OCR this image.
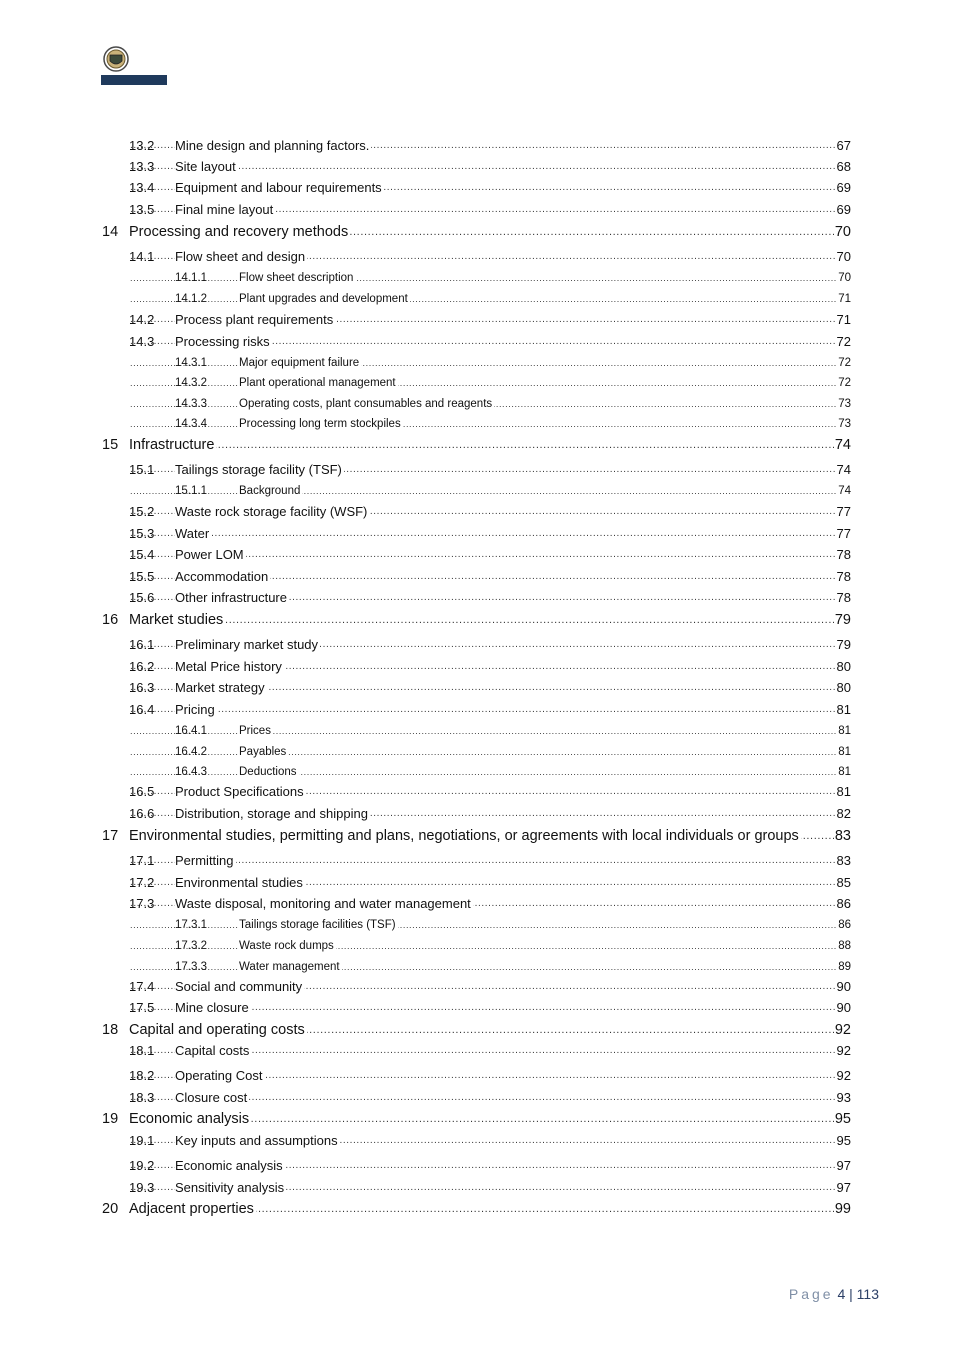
13.2 ..... Mine design and planning factors.	67
13.3 ..... Site layout	68
13.4 ..... Equipment and labour requirements	69
13.5 ..... Final mine layout	69
14 ..... Processing and recovery methods	70
14.1 ..... Flow sheet and design	70
14.1.1 .....	Flow sheet description	70
14.1.2 .....	Plant upgrades and development	71
14.2 ..... Process plant requirements	71
14.3 ..... Processing risks	72
14.3.1 .....	Major equipment failure	72
14.3.2 .....	Plant operational management	72
14.3.3 .....	Operating costs, plant consumables and reagents	73
14.3.4 .....	Processing long term stockpiles	73
15 ..... Infrastructure	74
15.1 ..... Tailings storage facility (TSF)	74
15.1.1 .....	Background	74
15.2 ..... Waste rock storage facility (WSF)	77
15.3 ..... Water	77
15.4 ..... Power LOM	78
15.5 ..... Accommodation	78
15.6 ..... Other infrastructure	78
16 ..... Market studies	79
16.1 ..... Preliminary market study	79
16.2 ..... Metal Price history	80
16.3 ..... Market strategy	80
16.4 ..... Pricing	81
16.4.1 .....	Prices	81
16.4.2 .....	Payables	81
16.4.3 .....	Deductions	81
16.5 ..... Product Specifications	81
16.6 ..... Distribution, storage and shipping	82
17 ..... Environmental studies, permitting and plans, negotiations, or agreements with local individuals or groups 83
17.1 ..... Permitting	83
17.2 ..... Environmental studies	85
17.3 ..... Waste disposal, monitoring and water management	86
17.3.1 .....	Tailings storage facilities (TSF)	86
17.3.2 .....	Waste rock dumps	88
17.3.3 .....	Water management	89
17.4 ..... Social and community	90
17.5 ..... Mine closure	90
18 ..... Capital and operating costs	92
18.1 ..... Capital costs	92
18.2 ..... Operating Cost	92
18.3 ..... Closure cost	93
19 ..... Economic analysis	95
19.1 ..... Key inputs and assumptions	95
19.2 ..... Economic analysis	97
19.3 ..... Sensitivity analysis	97
20 ..... Adjacent properties	99
Page 4 | 113
